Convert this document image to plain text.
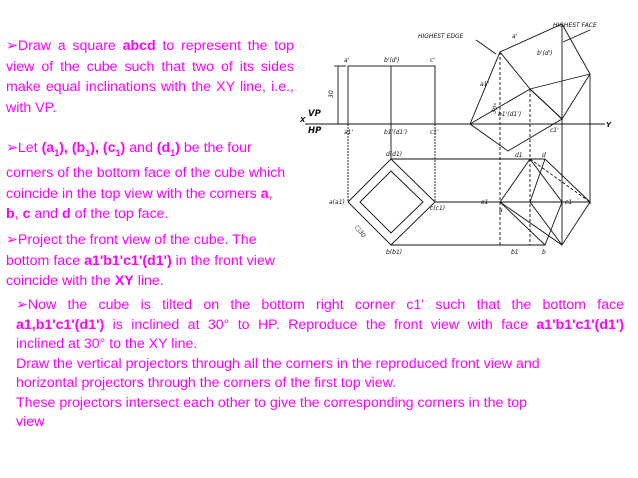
➢Draw a square abcd to represent the top view of the cube such that two of its sides make equal inclinations with the XY line, i.e., with VP.
➢Let $(a_1)$, $(b_1)$, $(c_1)$ and $(d_1)$ be the four corners of the bottom face of the cube which coincide in the top view with the corners a, b, c and d of the top face.
➢Project the front view of the cube. The bottom face a1'b1'c1'(d1') in the front view coincide with the XY line.
➢Now the cube is tilted on the bottom right corner c1' such that the bottom face
a1,b1'c1'(d1') is inclined at 30° to HP. Reproduce the front view with face a1'b1'c1'(d1')
inclined at 30° to the XY line.
Draw the vertical projectors through all the corners in the reproduced front view and
horizontal projectors through the corners of the first top view.
These projectors intersect each other to give the corresponding corners in the top
view
HIGHEST EDGE
HIGHEST FACE
X
Y
VP
HP
30
30°
□30
a'	b'(d')	c'
a1'	b1'(d1')	c1'
d(d1)
a(a1)
c(c1)
b(b1)
a'
b'(d')
a1'
b1'(d1')
c1'
d1	d
a1
a
c1
b1	b
